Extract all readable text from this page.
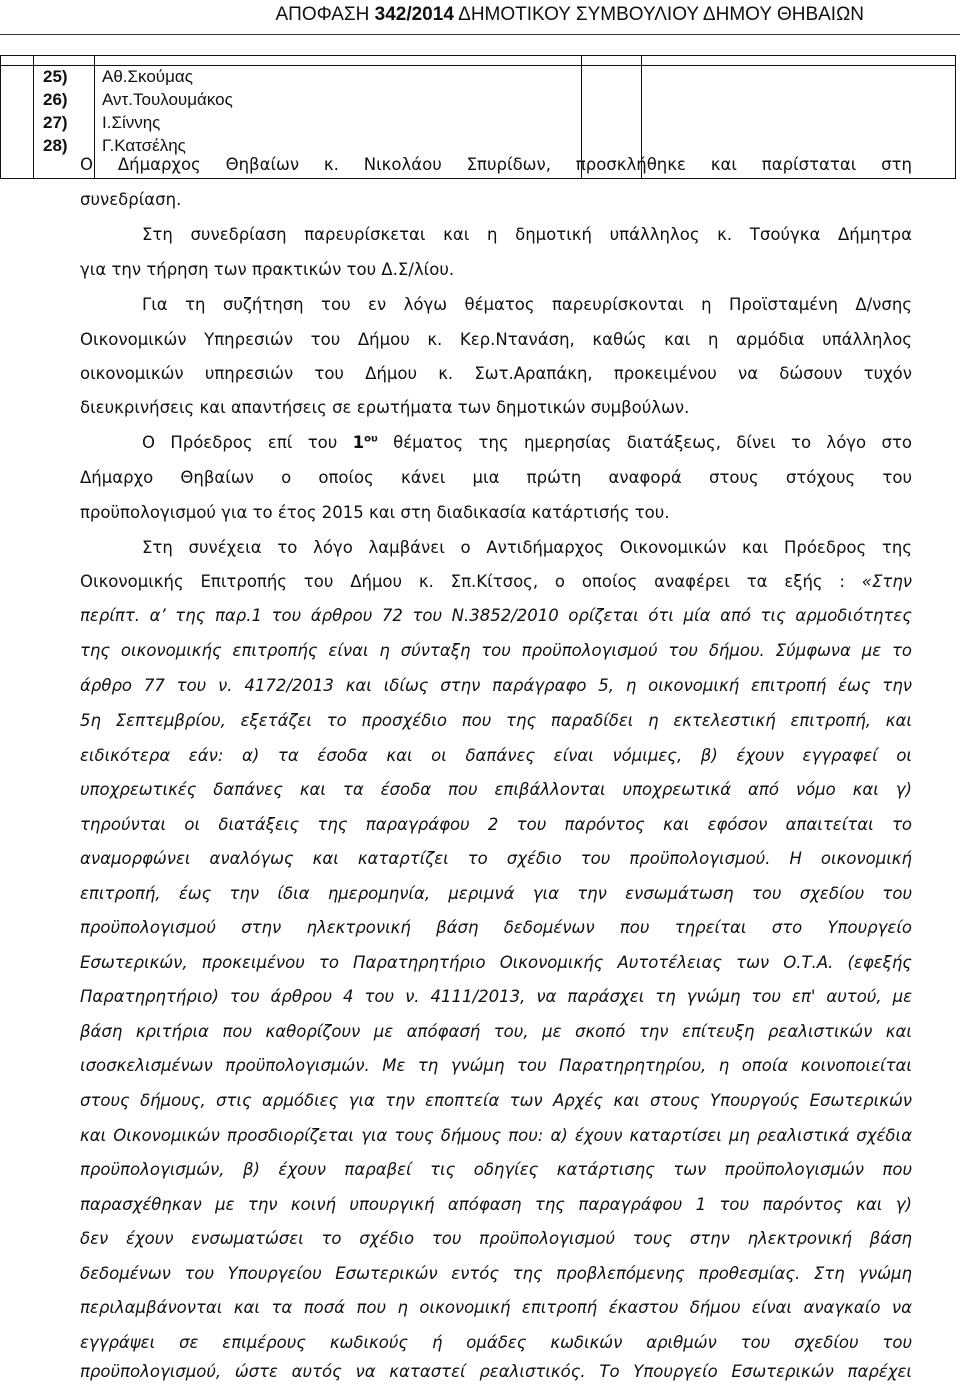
ΑΠΟΦΑΣΗ 342/2014 ΔΗΜΟΤΙΚΟΥ ΣΥΜΒΟΥΛΙΟΥ ΔΗΜΟΥ ΘΗΒΑΙΩΝ
25)	Αθ.Σκούμας
26)	Αντ.Τουλουμάκος
27)	Ι.Σίννης
28)	Γ.Κατσέλης
Ο Δήμαρχος Θηβαίων κ. Νικολάου Σπυρίδων, προσκλήθηκε και παρίσταται στη
συνεδρίαση.
Στη συνεδρίαση παρευρίσκεται και η δημοτική υπάλληλος κ. Τσούγκα Δήμητρα
για την τήρηση των πρακτικών του Δ.Σ/λίου.
Για τη συζήτηση του εν λόγω θέματος παρευρίσκονται η Προϊσταμένη Δ/νσης
Οικονομικών Υπηρεσιών του Δήμου κ. Κερ.Ντανάση, καθώς και η αρμόδια υπάλληλος
οικονομικών υπηρεσιών του Δήμου κ. Σωτ.Αραπάκη, προκειμένου να δώσουν τυχόν
διευκρινήσεις και απαντήσεις σε ερωτήματα των δημοτικών συμβούλων.
Ο Πρόεδρος επί του $1^{o\upsilon}$ θέματος της ημερησίας διατάξεως, δίνει το λόγο στο
Δήμαρχο Θηβαίων ο οποίος κάνει μια πρώτη αναφορά στους στόχους του
προϋπολογισμού για το έτος 2015 και στη διαδικασία κατάρτισής του.
Στη συνέχεια το λόγο λαμβάνει ο Αντιδήμαρχος Οικονομικών και Πρόεδρος της
Οικονομικής Επιτροπής του Δήμου κ. Σπ.Κίτσος, ο οποίος αναφέρει τα εξής : «Στην
περίπτ. α’ της παρ.1 του άρθρου 72 του Ν.3852/2010 ορίζεται ότι μία από τις αρμοδιότητες
της οικονομικής επιτροπής είναι η σύνταξη του προϋπολογισμού του δήμου. Σύμφωνα με το
άρθρο 77 του ν. 4172/2013 και ιδίως στην παράγραφο 5, η οικονομική επιτροπή έως την
5η Σεπτεμβρίου, εξετάζει το προσχέδιο που της παραδίδει η εκτελεστική επιτροπή, και
ειδικότερα εάν: α) τα έσοδα και οι δαπάνες είναι νόμιμες, β) έχουν εγγραφεί οι
υποχρεωτικές δαπάνες και τα έσοδα που επιβάλλονται υποχρεωτικά από νόμο και γ)
τηρούνται οι διατάξεις της παραγράφου 2 του παρόντος και εφόσον απαιτείται το
αναμορφώνει αναλόγως και καταρτίζει το σχέδιο του προϋπολογισμού. Η οικονομική
επιτροπή, έως την ίδια ημερομηνία, μεριμνά για την ενσωμάτωση του σχεδίου του
προϋπολογισμού στην ηλεκτρονική βάση δεδομένων που τηρείται στο Υπουργείο
Εσωτερικών, προκειμένου το Παρατηρητήριο Οικονομικής Αυτοτέλειας των Ο.Τ.Α. (εφεξής
Παρατηρητήριο) του άρθρου 4 του ν. 4111/2013, να παράσχει τη γνώμη του επ' αυτού, με
βάση κριτήρια που καθορίζουν με απόφασή του, με σκοπό την επίτευξη ρεαλιστικών και
ισοσκελισμένων προϋπολογισμών. Με τη γνώμη του Παρατηρητηρίου, η οποία κοινοποιείται
στους δήμους, στις αρμόδιες για την εποπτεία των Αρχές και στους Υπουργούς Εσωτερικών
και Οικονομικών προσδιορίζεται για τους δήμους που: α) έχουν καταρτίσει μη ρεαλιστικά σχέδια
προϋπολογισμών, β) έχουν παραβεί τις οδηγίες κατάρτισης των προϋπολογισμών που
παρασχέθηκαν με την κοινή υπουργική απόφαση της παραγράφου 1 του παρόντος και γ)
δεν έχουν ενσωματώσει το σχέδιο του προϋπολογισμού τους στην ηλεκτρονική βάση
δεδομένων του Υπουργείου Εσωτερικών εντός της προβλεπόμενης προθεσμίας. Στη γνώμη
περιλαμβάνονται και τα ποσά που η οικονομική επιτροπή έκαστου δήμου είναι αναγκαίο να
εγγράψει σε επιμέρους κωδικούς ή ομάδες κωδικών αριθμών του σχεδίου του
προϋπολογισμού, ώστε αυτός να καταστεί ρεαλιστικός. Το Υπουργείο Εσωτερικών παρέχει
